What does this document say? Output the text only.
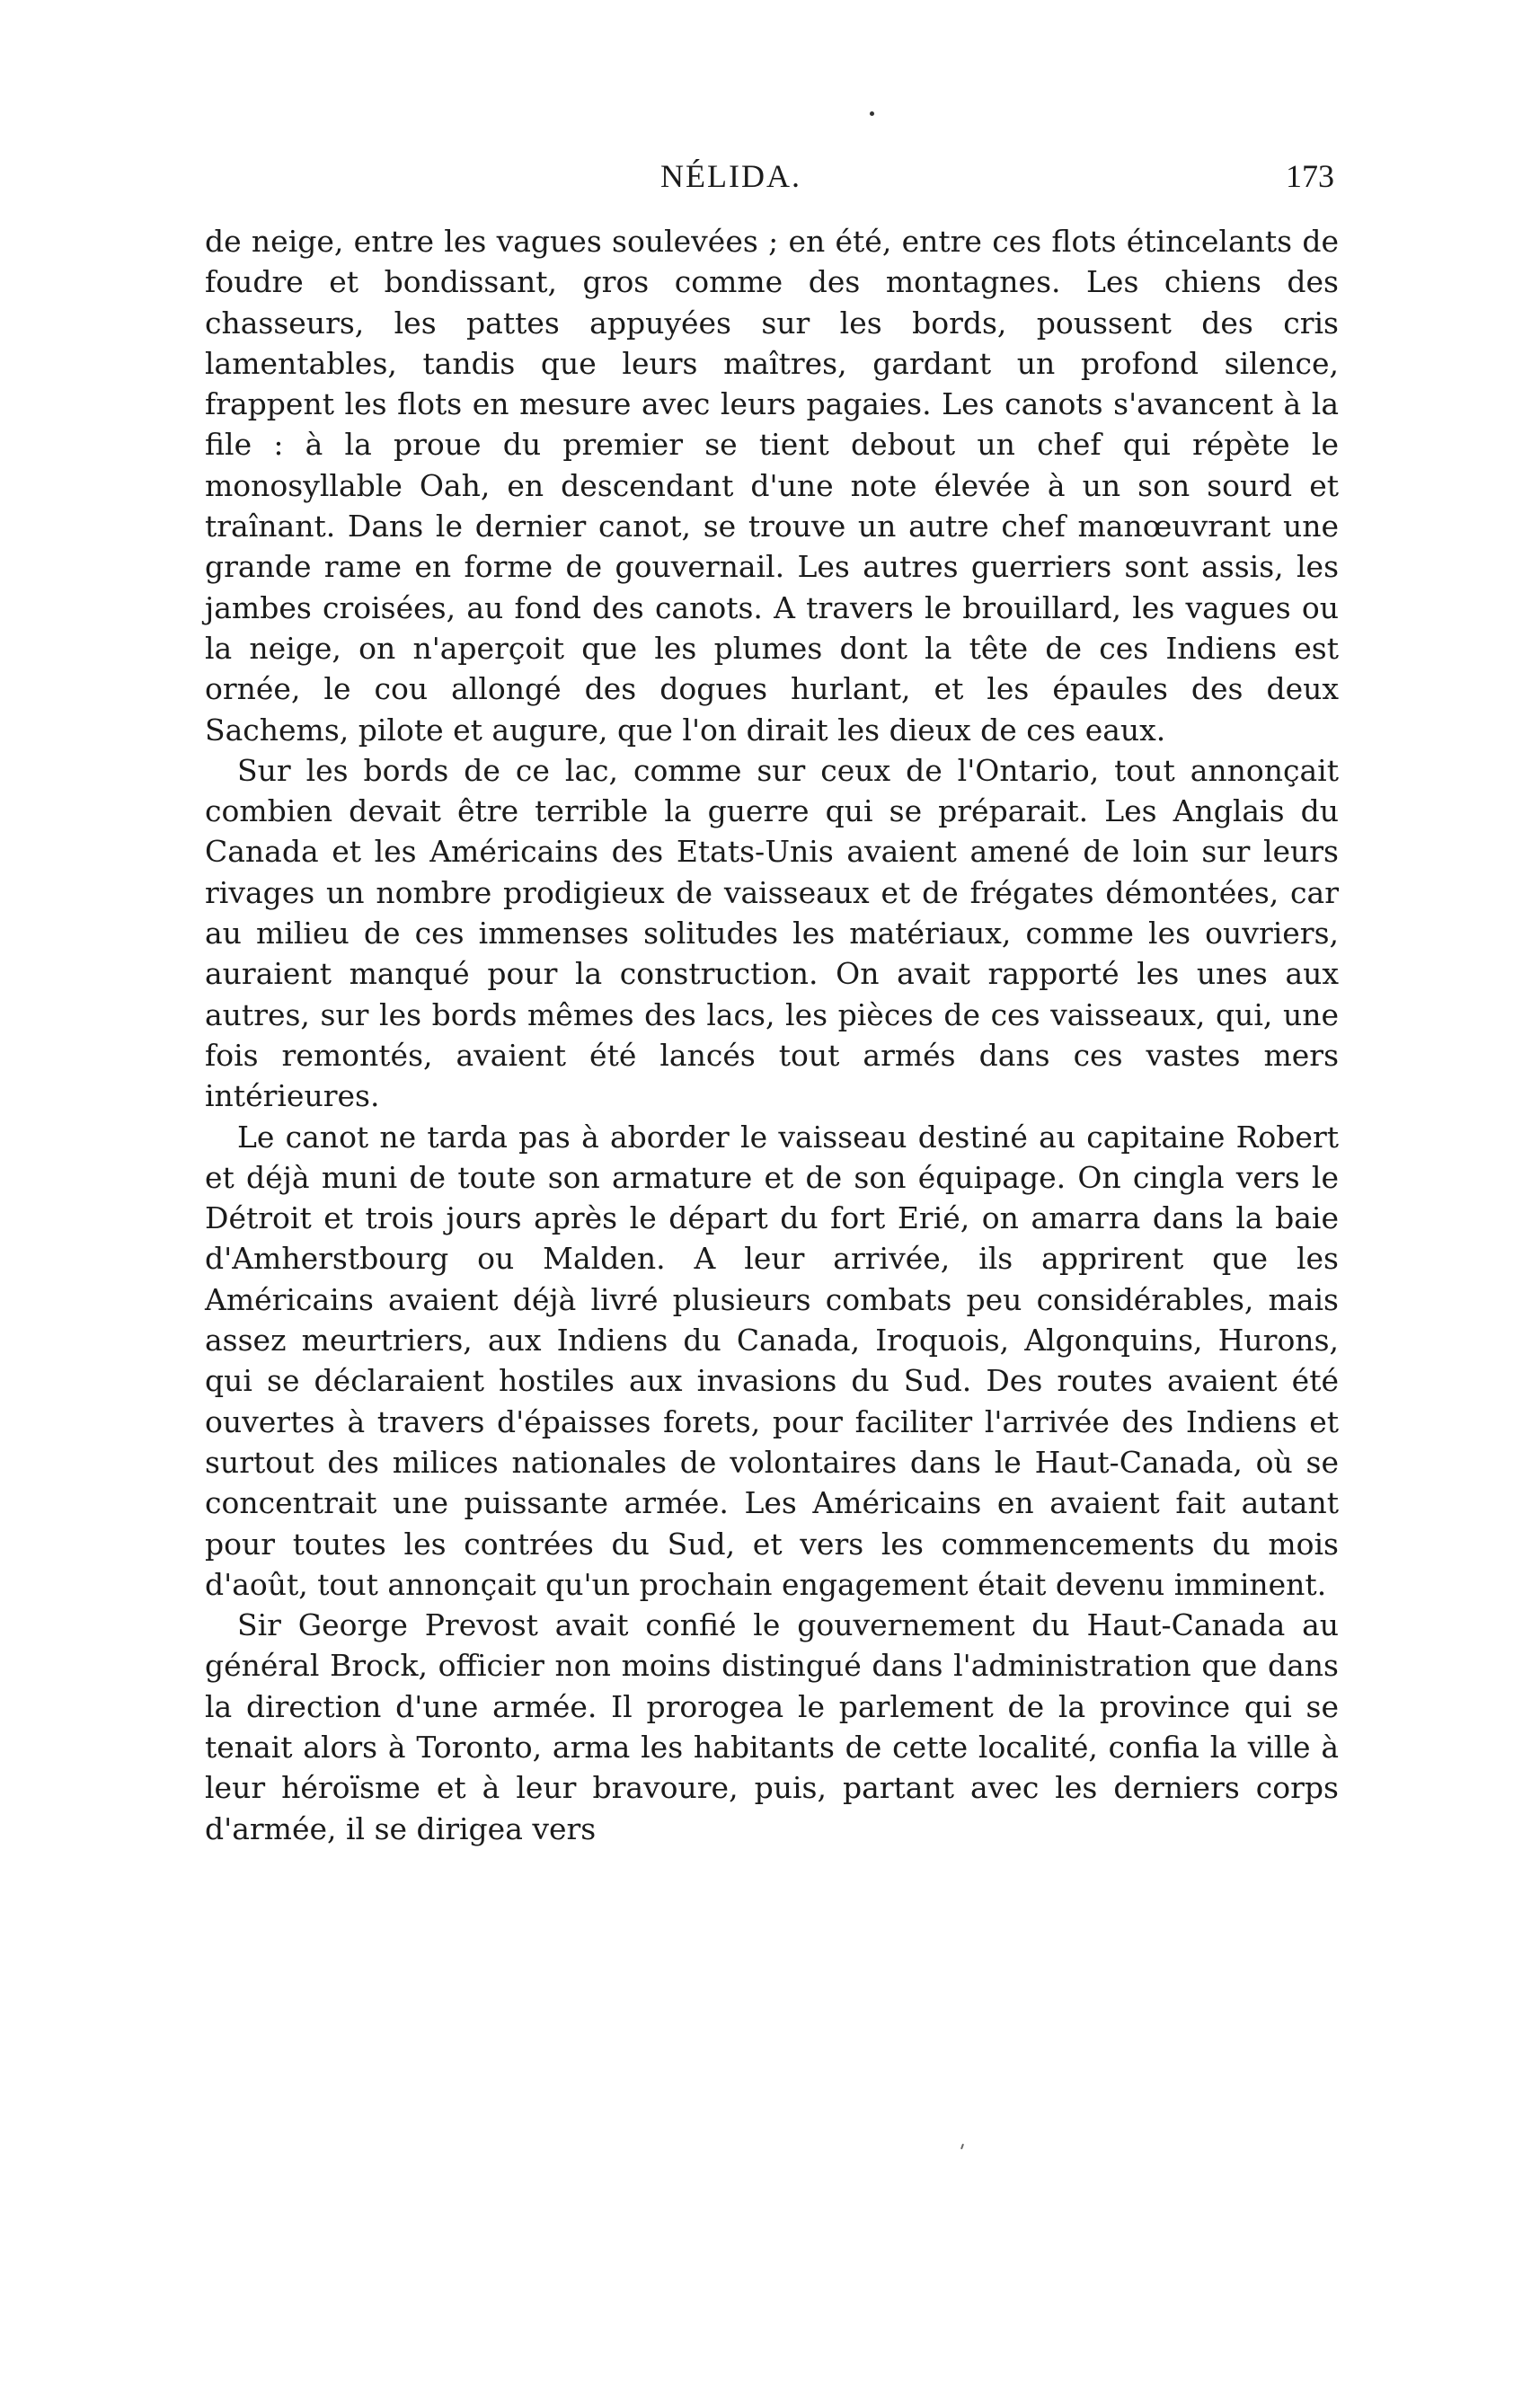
NÉLIDA.	173

de neige, entre les vagues soulevées ; en été, entre ces flots étincelants de foudre et bondissant, gros comme des montagnes. Les chiens des chasseurs, les pattes appuyées sur les bords, poussent des cris lamentables, tandis que leurs maîtres, gardant un profond silence, frappent les flots en mesure avec leurs pagaies. Les canots s'avancent à la file : à la proue du premier se tient debout un chef qui répète le monosyllable Oah, en descendant d'une note élevée à un son sourd et traînant. Dans le dernier canot, se trouve un autre chef manœuvrant une grande rame en forme de gouvernail. Les autres guerriers sont assis, les jambes croisées, au fond des canots. A travers le brouillard, les vagues ou la neige, on n'aperçoit que les plumes dont la tête de ces Indiens est ornée, le cou allongé des dogues hurlant, et les épaules des deux Sachems, pilote et augure, que l'on dirait les dieux de ces eaux.

Sur les bords de ce lac, comme sur ceux de l'Ontario, tout annonçait combien devait être terrible la guerre qui se préparait. Les Anglais du Canada et les Américains des Etats-Unis avaient amené de loin sur leurs rivages un nombre prodigieux de vaisseaux et de frégates démontées, car au milieu de ces immenses solitudes les matériaux, comme les ouvriers, auraient manqué pour la construction. On avait rapporté les unes aux autres, sur les bords mêmes des lacs, les pièces de ces vaisseaux, qui, une fois remontés, avaient été lancés tout armés dans ces vastes mers intérieures.

Le canot ne tarda pas à aborder le vaisseau destiné au capitaine Robert et déjà muni de toute son armature et de son équipage. On cingla vers le Détroit et trois jours après le départ du fort Erié, on amarra dans la baie d'Amherstbourg ou Malden. A leur arrivée, ils apprirent que les Américains avaient déjà livré plusieurs combats peu considérables, mais assez meurtriers, aux Indiens du Canada, Iroquois, Algonquins, Hurons, qui se déclaraient hostiles aux invasions du Sud. Des routes avaient été ouvertes à travers d'épaisses forets, pour faciliter l'arrivée des Indiens et surtout des milices nationales de volontaires dans le Haut-Canada, où se concentrait une puissante armée. Les Américains en avaient fait autant pour toutes les contrées du Sud, et vers les commencements du mois d'août, tout annonçait qu'un prochain engagement était devenu imminent.

Sir George Prevost avait confié le gouvernement du Haut-Canada au général Brock, officier non moins distingué dans l'administration que dans la direction d'une armée. Il prorogea le parlement de la province qui se tenait alors à Toronto, arma les habitants de cette localité, confia la ville à leur héroïsme et à leur bravoure, puis, partant avec les derniers corps d'armée, il se dirigea vers
